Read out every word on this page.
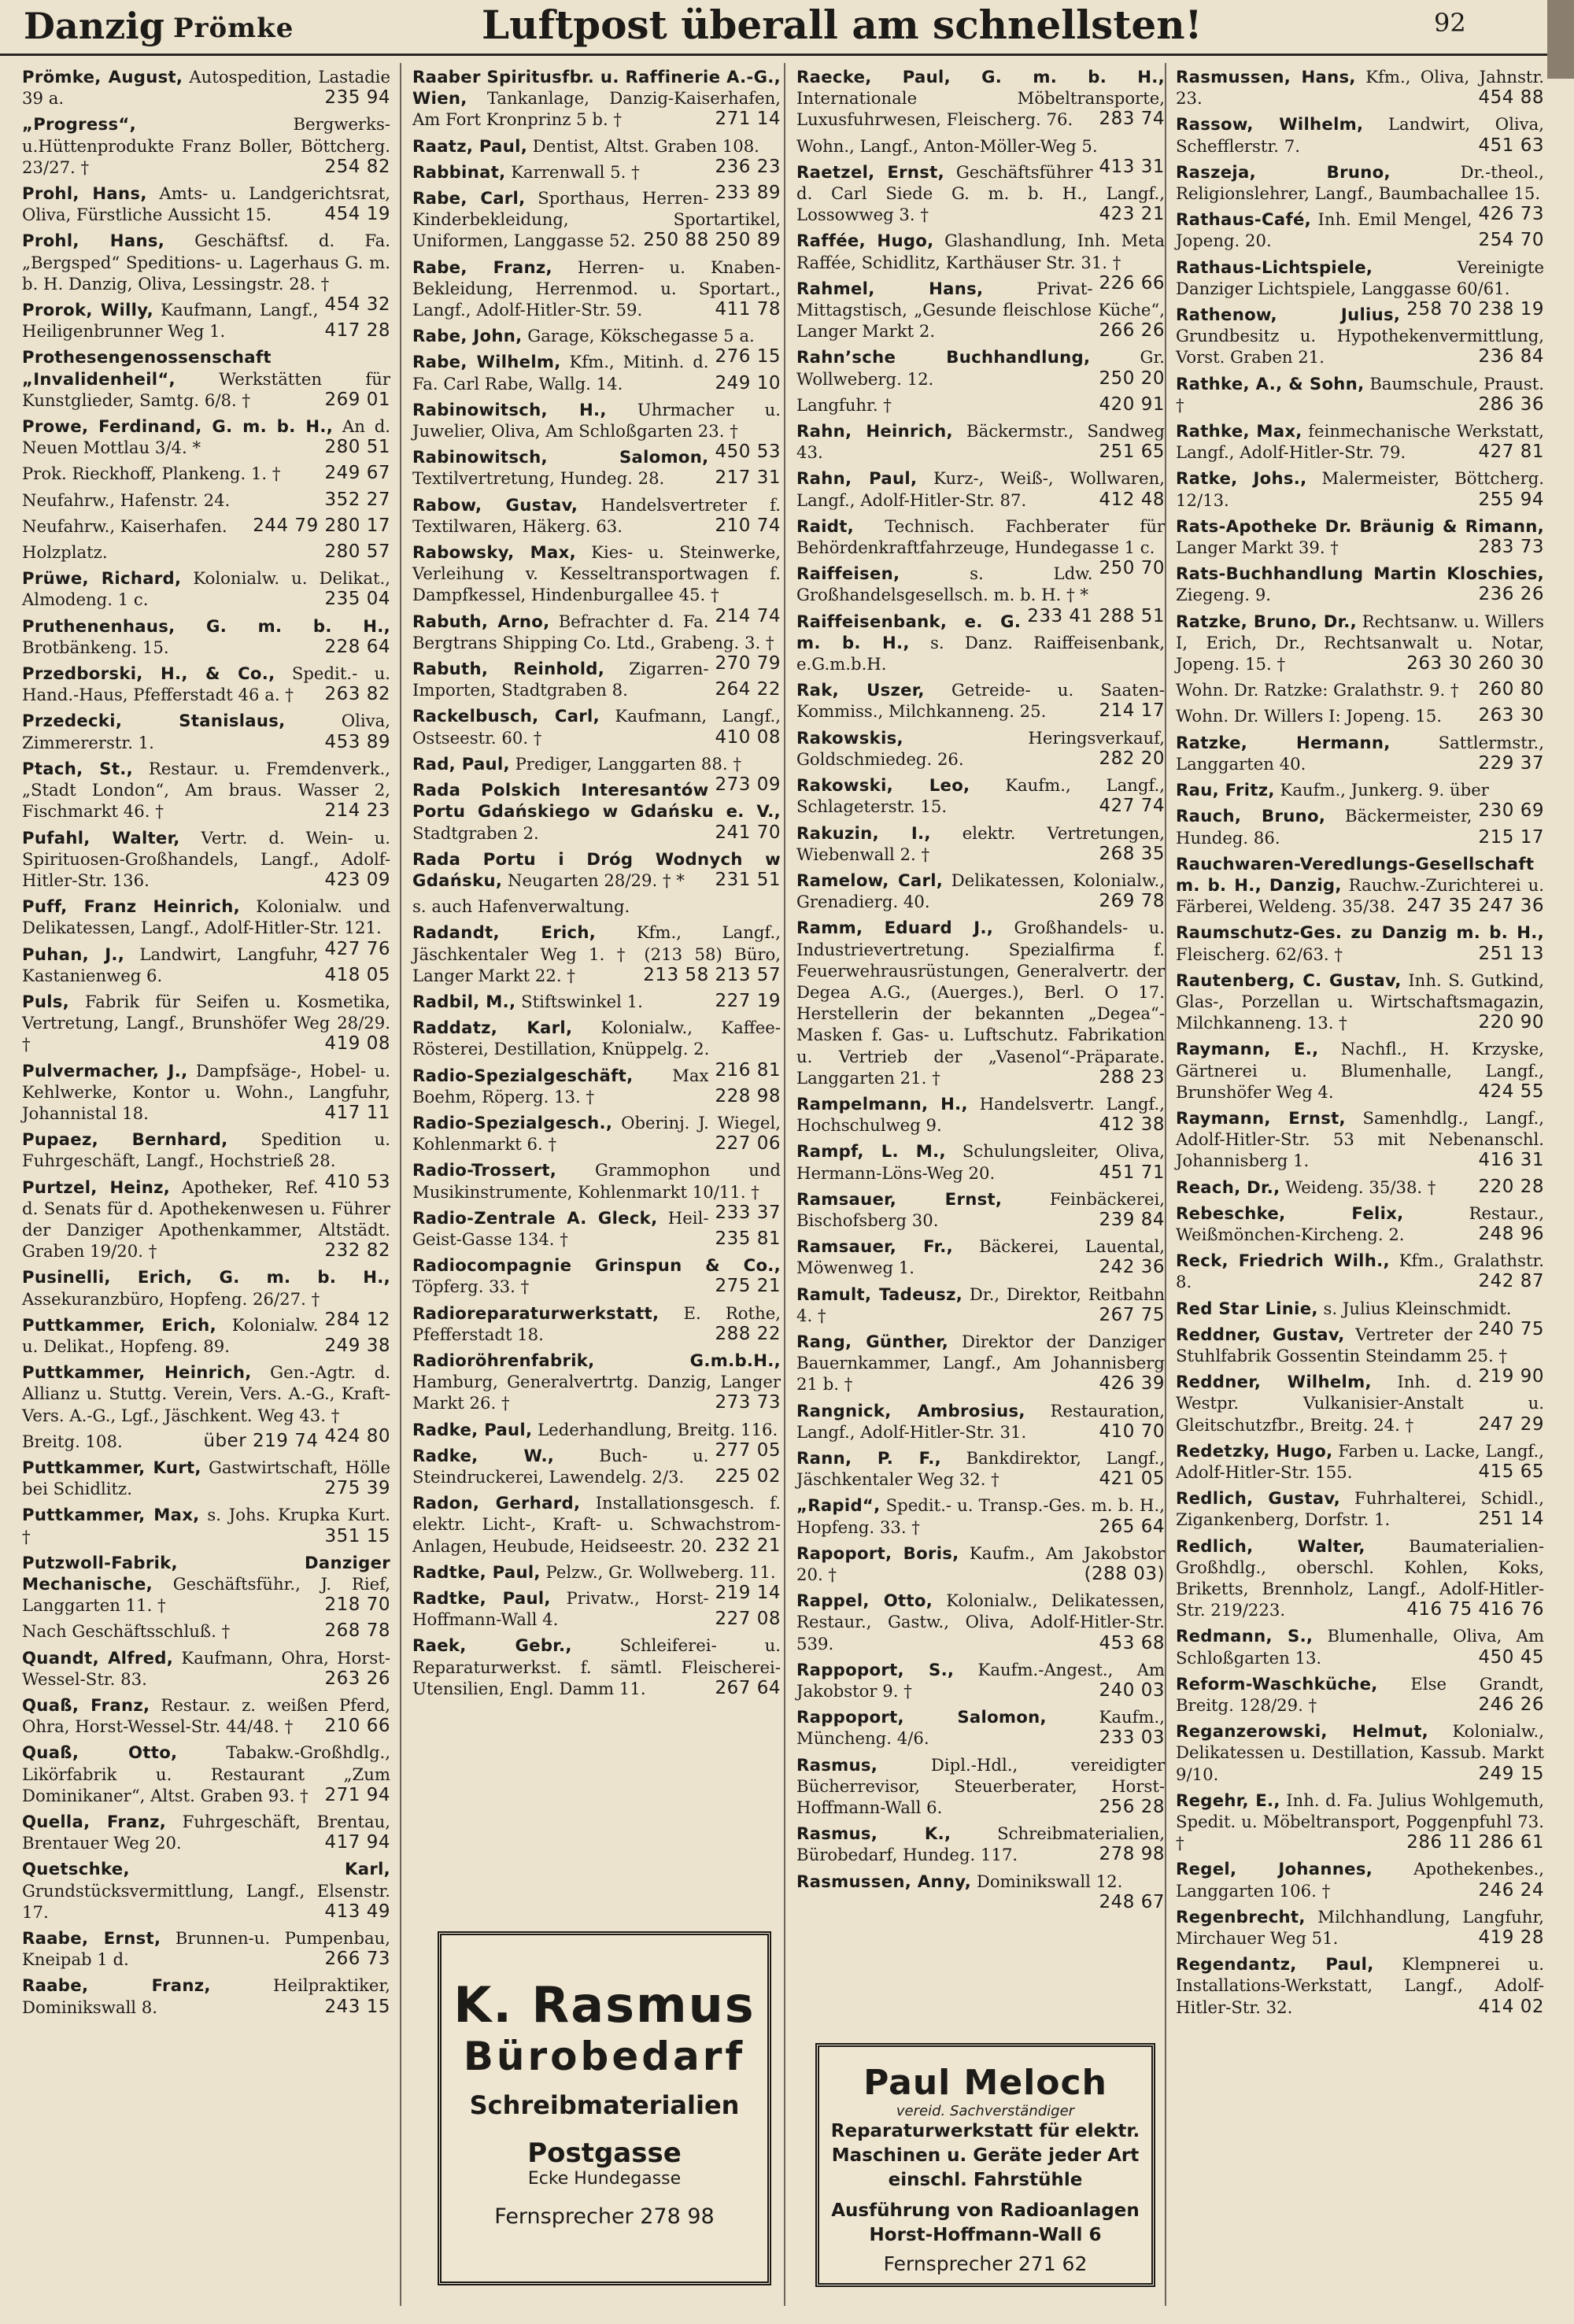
Danzig Prömke	Luftpost überall am schnellsten!	92
Prömke, August, Autospedition, Lastadie 39 a.	235 94
„Progress“,	Bergwerks-u.Hüttenprodukte Franz Boller, Böttcherg. 23/27. †	254 82
Prohl, Hans, Amts- u. Landgerichtsrat, Oliva, Fürstliche Aussicht 15.	454 19
Prohl, Hans, Geschäftsf. d. Fa. „Bergsped“ Speditions- u. Lagerhaus G. m. b. H. Danzig, Oliva, Lessingstr. 28. †
454 32
Prorok, Willy, Kaufmann, Langf., Heiligenbrunner Weg 1.	417 28
Prothesengenossenschaft „Invalidenheil“,	Werkstätten für Kunstglieder, Samtg. 6/8. †	269 01
Prowe, Ferdinand, G. m. b. H., An d. Neuen Mottlau 3/4. *	280 51
Prok. Rieckhoff, Plankeng. 1. † 249 67
Neufahrw., Hafenstr. 24.	352 27
Neufahrw., Kaiserhafen. 244 79 280 17
Holzplatz.	280 57
Prüwe, Richard, Kolonialw. u. Delikat., Almodeng. 1 c.	235 04
Pruthenenhaus, G. m. b. H., Brotbänkeng. 15.	228 64
Przedborski, H., & Co., Spedit.- u. Hand.-Haus, Pfefferstadt 46 a. † 263 82
Przedecki, Stanislaus,	Oliva, Zimmererstr. 1.	453 89
Ptach, St., Restaur. u. Fremdenverk., „Stadt London“, Am braus. Wasser 2, Fischmarkt 46. †	214 23
Pufahl, Walter, Vertr. d. Wein- u. Spirituosen-Großhandels, Langf., Adolf-Hitler-Str. 136.	423 09
Puff, Franz Heinrich, Kolonialw. und Delikatessen, Langf., Adolf-Hitler-Str. 121.
427 76
Puhan, J., Landwirt, Langfuhr, Kastanienweg 6.	418 05
Puls, Fabrik für Seifen u. Kosmetika, Vertretung, Langf., Brunshöfer Weg 28/29. †	419 08
Pulvermacher, J., Dampfsäge-, Hobel- u. Kehlwerke, Kontor u. Wohn., Langfuhr, Johannistal 18.	417 11
Pupaez, Bernhard, Spedition u. Fuhrgeschäft, Langf., Hochstrieß 28.
410 53
Purtzel, Heinz, Apotheker, Ref. d. Senats für d. Apothekenwesen u. Führer der Danziger Apothenkammer, Altstädt. Graben 19/20. †	232 82
Pusinelli, Erich, G. m. b. H., Assekuranzbüro, Hopfeng. 26/27. †
284 12
Puttkammer, Erich, Kolonialw. u. Delikat., Hopfeng. 89.	249 38
Puttkammer, Heinrich, Gen.-Agtr. d. Allianz u. Stuttg. Verein, Vers. A.-G., Kraft-Vers. A.-G., Lgf., Jäschkent. Weg 43. †
424 80
Breitg. 108.	über 219 74
Puttkammer, Kurt, Gastwirtschaft, Hölle bei Schidlitz.	275 39
Puttkammer, Max, s. Johs. Krupka Kurt. †	351 15
Putzwoll-Fabrik, Danziger Mechanische, Geschäftsführ., J. Rief, Langgarten 11. †	218 70
Nach Geschäftsschluß. †	268 78
Quandt, Alfred, Kaufmann, Ohra, Horst-Wessel-Str. 83.	263 26
Quaß, Franz, Restaur. z. weißen Pferd, Ohra, Horst-Wessel-Str. 44/48. † 210 66
Quaß, Otto,	Tabakw.-Großhdlg., Likörfabrik u. Restaurant „Zum Dominikaner“, Altst. Graben 93. † 271 94
Quella, Franz, Fuhrgeschäft, Brentau, Brentauer Weg 20.	417 94
Quetschke, Karl, Grundstücksvermittlung, Langf., Elsenstr. 17.	413 49
Raabe, Ernst, Brunnen-u. Pumpenbau, Kneipab 1 d.	266 73
Raabe, Franz,	Heilpraktiker, Dominikswall 8.	243 15
Raaber Spiritusfbr. u. Raffinerie A.-G., Wien, Tankanlage, Danzig-Kaiserhafen, Am Fort Kronprinz 5 b. †	271 14
Raatz, Paul, Dentist, Altst. Graben 108.
236 23
Rabbinat, Karrenwall 5. †
233 89
Rabe, Carl, Sporthaus, Herren-Kinderbekleidung, Sportartikel, Uniformen, Langgasse 52. 250 88 250 89
Rabe, Franz, Herren- u. Knaben-Bekleidung, Herrenmod. u. Sportart., Langf., Adolf-Hitler-Str. 59.	411 78
Rabe, John, Garage, Kökschegasse 5 a.
276 15
Rabe, Wilhelm, Kfm., Mitinh. d. Fa. Carl Rabe, Wallg. 14.	249 10
Rabinowitsch, H., Uhrmacher u. Juwelier, Oliva, Am Schloßgarten 23. †
450 53
Rabinowitsch, Salomon, Textilvertretung, Hundeg. 28.	217 31
Rabow, Gustav, Handelsvertreter f. Textilwaren, Häkerg. 63.	210 74
Rabowsky, Max, Kies- u. Steinwerke, Verleihung v. Kesseltransportwagen f. Dampfkessel, Hindenburgallee 45. †
214 74
Rabuth, Arno, Befrachter d. Fa. Bergtrans Shipping Co. Ltd., Grabeng. 3. †
270 79
Rabuth, Reinhold, Zigarren-Importen, Stadtgraben 8.	264 22
Rackelbusch, Carl, Kaufmann, Langf., Ostseestr. 60. †	410 08
Rad, Paul, Prediger, Langgarten 88. †
273 09
Rada Polskich Interesantów Portu Gdańskiego w Gdańsku e. V., Stadtgraben 2.	241 70
Rada Portu i Dróg Wodnych w Gdańsku, Neugarten 28/29. † * 231 51
s. auch Hafenverwaltung.
Radandt, Erich, Kfm., Langf., Jäschkentaler Weg 1. † (213 58) Büro, Langer Markt 22. †	213 58 213 57
Radbil, M., Stiftswinkel 1.	227 19
Raddatz, Karl, Kolonialw., Kaffee-Rösterei, Destillation, Knüppelg. 2.
216 81
Radio-Spezialgeschäft, Max Boehm, Röperg. 13. †	228 98
Radio-Spezialgesch., Oberinj. J. Wiegel, Kohlenmarkt 6. †	227 06
Radio-Trossert, Grammophon und Musikinstrumente, Kohlenmarkt 10/11. †
233 37
Radio-Zentrale A. Gleck, Heil-Geist-Gasse 134. †	235 81
Radiocompagnie Grinspun & Co., Töpferg. 33. †	275 21
Radioreparaturwerkstatt, E. Rothe, Pfefferstadt 18.	288 22
Radioröhrenfabrik, G.m.b.H., Hamburg, Generalvertrtg. Danzig, Langer Markt 26. †	273 73
Radke, Paul, Lederhandlung, Breitg. 116.
277 05
Radke, W.,	Buch- u. Steindruckerei, Lawendelg. 2/3. 225 02
Radon, Gerhard, Installationsgesch. f. elektr. Licht-, Kraft- u. Schwachstrom-Anlagen, Heubude, Heidseestr. 20. 232 21
Radtke, Paul, Pelzw., Gr. Wollweberg. 11.
219 14
Radtke, Paul, Privatw., Horst-Hoffmann-Wall 4.	227 08
Raek, Gebr.,	Schleiferei- u. Reparaturwerkst. f. sämtl. Fleischerei-Utensilien, Engl. Damm 11.	267 64
Raecke, Paul, G. m. b. H., Internationale Möbeltransporte, Luxusfuhrwesen, Fleischerg. 76. 283 74
Wohn., Langf., Anton-Möller-Weg 5.
413 31
Raetzel, Ernst, Geschäftsführer d. Carl Siede G. m. b. H., Langf., Lossowweg 3. †	423 21
Raffée, Hugo, Glashandlung, Inh. Meta Raffée, Schidlitz, Karthäuser Str. 31. †
226 66
Rahmel, Hans,	Privat-Mittagstisch, „Gesunde fleischlose Küche“, Langer Markt 2.	266 26
Rahn’sche Buchhandlung,	Gr. Wollweberg. 12.	250 20
Langfuhr. †	420 91
Rahn, Heinrich, Bäckermstr., Sandweg 43.	251 65
Rahn, Paul, Kurz-, Weiß-, Wollwaren, Langf., Adolf-Hitler-Str. 87.	412 48
Raidt, Technisch. Fachberater für Behördenkraftfahrzeuge, Hundegasse 1 c.
250 70
Raiffeisen,	s. Ldw. Großhandelsgesellsch. m. b. H. † *
233 41 288 51
Raiffeisenbank, e. G. m. b. H., s. Danz. Raiffeisenbank, e.G.m.b.H.
Rak, Uszer, Getreide- u. Saaten-Kommiss., Milchkanneng. 25.	214 17
Rakowskis,	Heringsverkauf, Goldschmiedeg. 26.	282 20
Rakowski, Leo, Kaufm., Langf., Schlageterstr. 15.	427 74
Rakuzin, I., elektr. Vertretungen, Wiebenwall 2. †	268 35
Ramelow, Carl, Delikatessen, Kolonialw., Grenadierg. 40.	269 78
Ramm, Eduard J., Großhandels- u. Industrievertretung. Spezialfirma f. Feuerwehrausrüstungen, Generalvertr. der Degea A.G., (Auerges.), Berl. O 17. Herstellerin der bekannten „Degea“-Masken f. Gas- u. Luftschutz. Fabrikation u. Vertrieb der „Vasenol“-Präparate. Langgarten 21. †	288 23
Rampelmann, H., Handelsvertr. Langf., Hochschulweg 9.	412 38
Rampf, L. M., Schulungsleiter, Oliva, Hermann-Löns-Weg 20.	451 71
Ramsauer, Ernst,	Feinbäckerei, Bischofsberg 30.	239 84
Ramsauer, Fr., Bäckerei, Lauental, Möwenweg 1.	242 36
Ramult, Tadeusz, Dr., Direktor, Reitbahn 4. †	267 75
Rang, Günther, Direktor der Danziger Bauernkammer, Langf., Am Johannisberg 21 b. †	426 39
Rangnick, Ambrosius, Restauration, Langf., Adolf-Hitler-Str. 31.	410 70
Rann, P. F., Bankdirektor, Langf., Jäschkentaler Weg 32. †	421 05
„Rapid“, Spedit.- u. Transp.-Ges. m. b. H., Hopfeng. 33. †	265 64
Rapoport, Boris, Kaufm., Am Jakobstor 20. †	(288 03)
Rappel, Otto, Kolonialw., Delikatessen, Restaur., Gastw., Oliva, Adolf-Hitler-Str. 539.	453 68
Rappoport, S., Kaufm.-Angest., Am Jakobstor 9. †	240 03
Rappoport, Salomon,	Kaufm., Müncheng. 4/6.	233 03
Rasmus,	Dipl.-Hdl., vereidigter Bücherrevisor, Steuerberater, Horst-Hoffmann-Wall 6.	256 28
Rasmus, K.,	Schreibmaterialien, Bürobedarf, Hundeg. 117.	278 98
Rasmussen, Anny, Dominikswall 12.
248 67
Rasmussen, Hans, Kfm., Oliva, Jahnstr. 23.	454 88
Rassow, Wilhelm, Landwirt, Oliva, Schefflerstr. 7.	451 63
Raszeja, Bruno,	Dr.-theol., Religionslehrer, Langf., Baumbachallee 15.
426 73
Rathaus-Café, Inh. Emil Mengel, Jopeng. 20.	254 70
Rathaus-Lichtspiele,	Vereinigte Danziger Lichtspiele, Langgasse 60/61.
258 70 238 19
Rathenow, Julius, Grundbesitz u. Hypothekenvermittlung, Vorst. Graben 21.	236 84
Rathke, A., & Sohn, Baumschule, Praust. †	286 36
Rathke, Max, feinmechanische Werkstatt, Langf., Adolf-Hitler-Str. 79.	427 81
Ratke, Johs., Malermeister, Böttcherg. 12/13.	255 94
Rats-Apotheke Dr. Bräunig & Rimann, Langer Markt 39. †	283 73
Rats-Buchhandlung Martin Kloschies, Ziegeng. 9.	236 26
Ratzke, Bruno, Dr., Rechtsanw. u. Willers I, Erich, Dr., Rechtsanwalt u. Notar, Jopeng. 15. †	263 30 260 30
Wohn. Dr. Ratzke: Gralathstr. 9. † 260 80
Wohn. Dr. Willers I: Jopeng. 15. 263 30
Ratzke, Hermann,	Sattlermstr., Langgarten 40.	229 37
Rau, Fritz, Kaufm., Junkerg. 9. über
230 69
Rauch, Bruno, Bäckermeister, Hundeg. 86.	215 17
Rauchwaren-Veredlungs-Gesellschaft m. b. H., Danzig, Rauchw.-Zurichterei u. Färberei, Weldeng. 35/38. 247 35 247 36
Raumschutz-Ges. zu Danzig m. b. H., Fleischerg. 62/63. †	251 13
Rautenberg, C. Gustav, Inh. S. Gutkind, Glas-, Porzellan u. Wirtschaftsmagazin, Milchkanneng. 13. †	220 90
Raymann, E., Nachfl., H. Krzyske, Gärtnerei u. Blumenhalle, Langf., Brunshöfer Weg 4.	424 55
Raymann, Ernst, Samenhdlg., Langf., Adolf-Hitler-Str. 53 mit Nebenanschl. Johannisberg 1.	416 31
Reach, Dr., Weideng. 35/38. † 220 28
Rebeschke, Felix,	Restaur., Weißmönchen-Kircheng. 2.	248 96
Reck, Friedrich Wilh., Kfm., Gralathstr. 8.	242 87
Red Star Linie, s. Julius Kleinschmidt.
240 75
Reddner, Gustav, Vertreter der Stuhlfabrik Gossentin Steindamm 25. †
219 90
Reddner, Wilhelm, Inh. d. Westpr. Vulkanisier-Anstalt u. Gleitschutzfbr., Breitg. 24. †	247 29
Redetzky, Hugo, Farben u. Lacke, Langf., Adolf-Hitler-Str. 155.	415 65
Redlich, Gustav, Fuhrhalterei, Schidl., Zigankenberg, Dorfstr. 1.	251 14
Redlich, Walter,	Baumaterialien-Großhdlg., oberschl. Kohlen, Koks, Briketts, Brennholz, Langf., Adolf-Hitler-Str. 219/223.	416 75 416 76
Redmann, S., Blumenhalle, Oliva, Am Schloßgarten 13.	450 45
Reform-Waschküche, Else Grandt, Breitg. 128/29. †	246 26
Reganzerowski, Helmut, Kolonialw., Delikatessen u. Destillation, Kassub. Markt 9/10.	249 15
Regehr, E., Inh. d. Fa. Julius Wohlgemuth, Spedit. u. Möbeltransport, Poggenpfuhl 73. †	286 11 286 61
Regel, Johannes, Apothekenbes., Langgarten 106. †	246 24
Regenbrecht, Milchhandlung, Langfuhr, Mirchauer Weg 51.	419 28
Regendantz, Paul, Klempnerei u. Installations-Werkstatt, Langf., Adolf-Hitler-Str. 32.	414 02
K. Rasmus
Bürobedarf
Schreibmaterialien
Postgasse
Ecke Hundegasse
Fernsprecher 278 98
Paul Meloch
vereid. Sachverständiger
Reparaturwerkstatt für elektr.
Maschinen u. Geräte jeder Art
einschl. Fahrstühle
Ausführung von Radioanlagen
Horst-Hoffmann-Wall 6
Fernsprecher 271 62
